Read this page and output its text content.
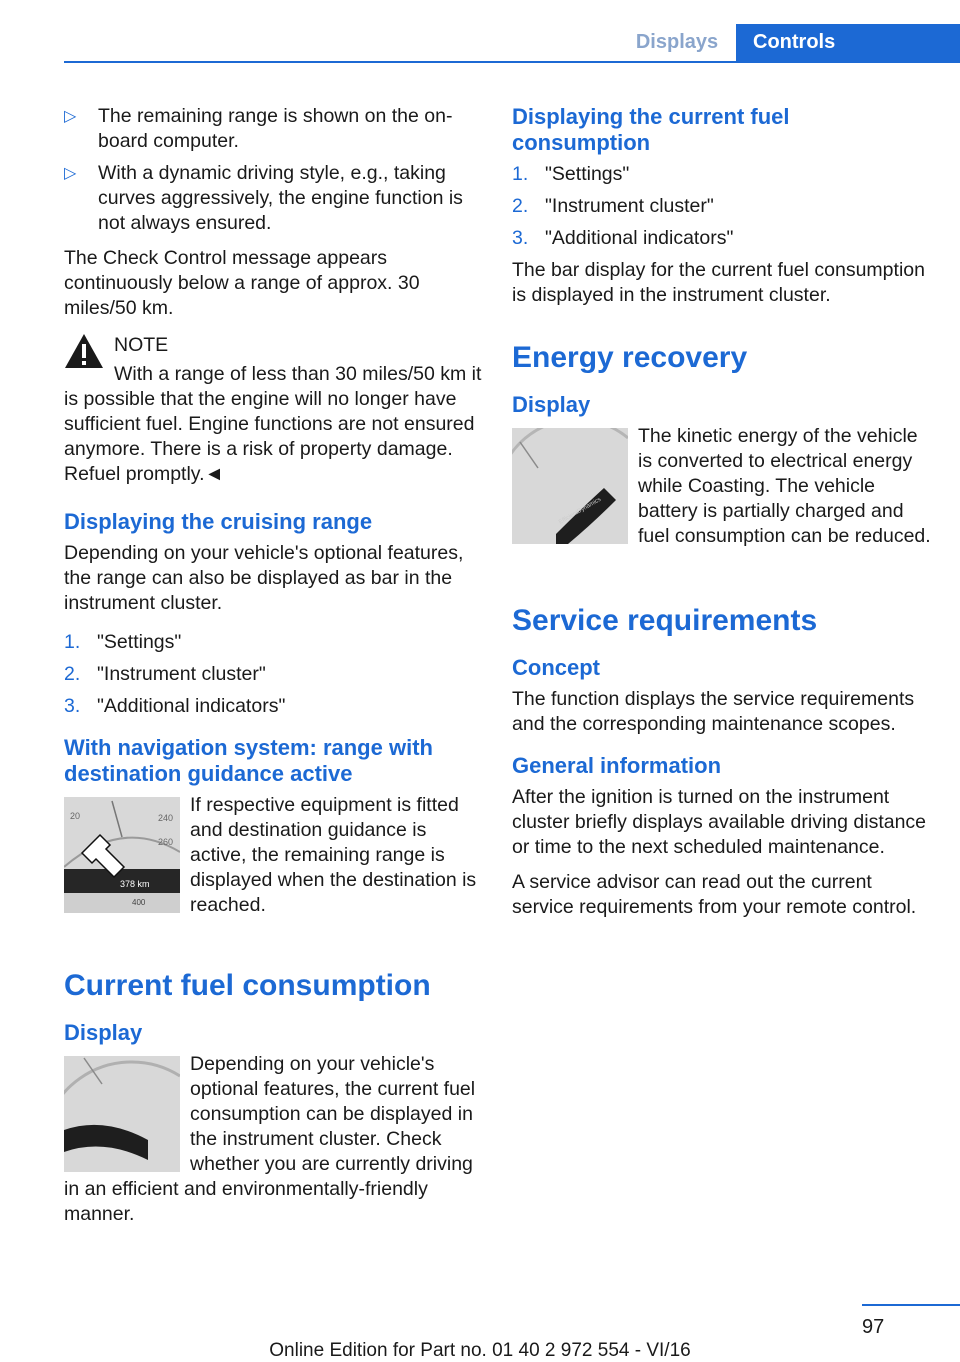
Displays	Controls
▷	The remaining range is shown on the on-board computer.
▷	With a dynamic driving style, e.g., taking curves aggressively, the engine function is not always ensured.

The Check Control message appears continuously below a range of approx. 30 miles/50 km.

NOTE

With a range of less than 30 miles/50 km it is possible that the engine will no longer have sufficient fuel. Engine functions are not ensured anymore. There is a risk of property damage. Refuel promptly.◄

Displaying the cruising range

Depending on your vehicle's optional features, the range can also be displayed as bar in the instrument cluster.

1. "Settings"
2. "Instrument cluster"
3. "Additional indicators"
With navigation system: range with destination guidance active
20	240
260
378 km
400

If respective equipment is fitted and destination guidance is active, the remaining range is displayed when the destination is reached.

Current fuel consumption
Display

Depending on your vehicle's optional features, the current fuel consumption can be displayed in the instrument cluster. Check whether you are currently driving in an efficient and environmentally-friendly manner.

Displaying the current fuel consumption
1. "Settings"
2. "Instrument cluster"
3. "Additional indicators"

The bar display for the current fuel consumption is displayed in the instrument cluster.

Energy recovery
Display
EfficientDynamics

The kinetic energy of the vehicle is converted to electrical energy while Coasting. The vehicle battery is partially charged and fuel consumption can be reduced.

Service requirements
Concept

The function displays the service requirements and the corresponding maintenance scopes.

General information

After the ignition is turned on the instrument cluster briefly displays available driving distance or time to the next scheduled maintenance.

A service advisor can read out the current service requirements from your remote control.

97
Online Edition for Part no. 01 40 2 972 554 - VI/16
